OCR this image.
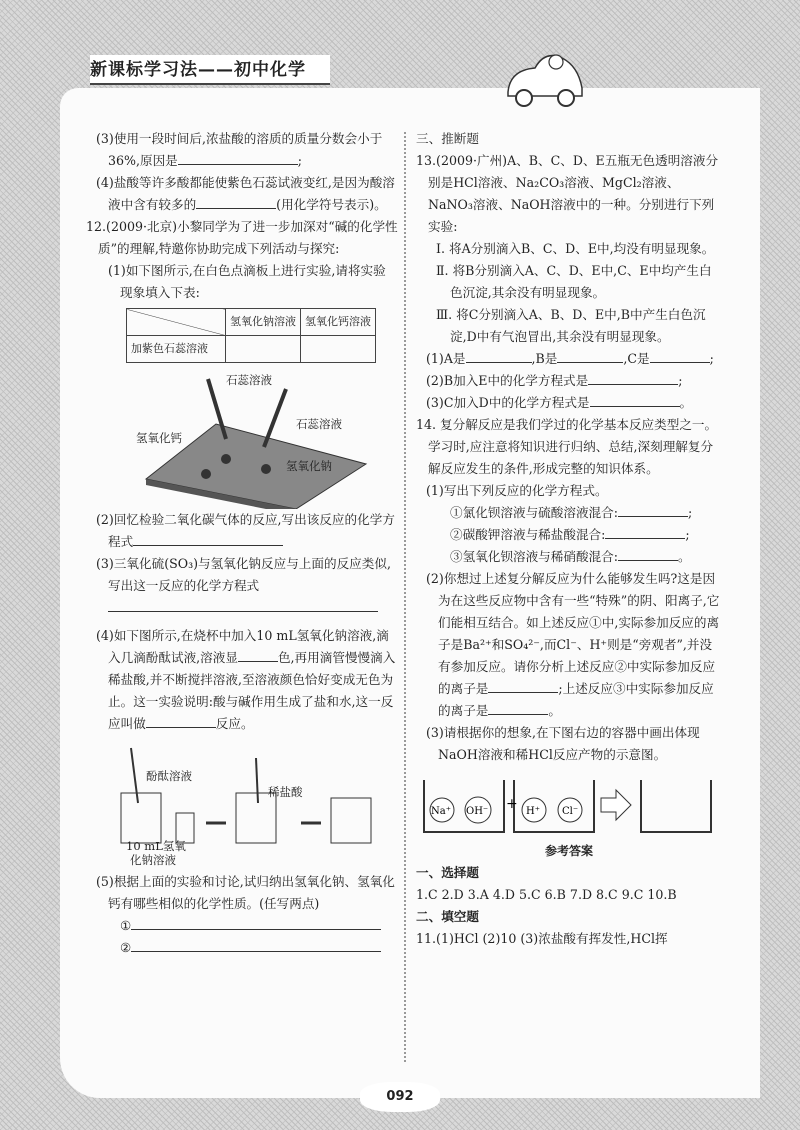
新课标学习法——初中化学

(3)使用一段时间后,浓盐酸的溶质的质量分数会小于36%,原因是	;

(4)盐酸等许多酸都能使紫色石蕊试液变红,是因为酸溶液中含有较多的	(用化学符号表示)。

12.(2009·北京)小黎同学为了进一步加深对“碱的化学性质”的理解,特邀你协助完成下列活动与探究:

(1)如下图所示,在白色点滴板上进行实验,请将实验现象填入下表:

	氢氧化钠溶液	氢氧化钙溶液
加紫色石蕊溶液		
石蕊溶液
石蕊溶液
氢氧化钙
氢氧化钠

(2)回忆检验二氧化碳气体的反应,写出该反应的化学方程式

(3)三氧化硫(SO₃)与氢氧化钠反应与上面的反应类似,写出这一反应的化学方程式

(4)如下图所示,在烧杯中加入10 mL氢氧化钠溶液,滴入几滴酚酞试液,溶液显	色,再用滴管慢慢滴入稀盐酸,并不断搅拌溶液,至溶液颜色恰好变成无色为止。这一实验说明:酸与碱作用生成了盐和水,这一反应叫做	反应。

酚酞溶液
稀盐酸
10 mL氢氧
化钠溶液

(5)根据上面的实验和讨论,试归纳出氢氧化钠、氢氧化钙有哪些相似的化学性质。(任写两点)

①

②

三、推断题

13.(2009·广州)A、B、C、D、E五瓶无色透明溶液分别是HCl溶液、Na₂CO₃溶液、MgCl₂溶液、NaNO₃溶液、NaOH溶液中的一种。分别进行下列实验:

Ⅰ. 将A分别滴入B、C、D、E中,均没有明显现象。

Ⅱ. 将B分别滴入A、C、D、E中,C、E中均产生白色沉淀,其余没有明显现象。

Ⅲ. 将C分别滴入A、B、D、E中,B中产生白色沉淀,D中有气泡冒出,其余没有明显现象。

(1)A是	,B是	,C是	;

(2)B加入E中的化学方程式是	;

(3)C加入D中的化学方程式是	。

14. 复分解反应是我们学过的化学基本反应类型之一。学习时,应注意将知识进行归纳、总结,深刻理解复分解反应发生的条件,形成完整的知识体系。

(1)写出下列反应的化学方程式。

①氯化钡溶液与硫酸溶液混合:	;

②碳酸钾溶液与稀盐酸混合:	;

③氢氧化钡溶液与稀硝酸混合:	。

(2)你想过上述复分解反应为什么能够发生吗?这是因为在这些反应物中含有一些“特殊”的阴、阳离子,它们能相互结合。如上述反应①中,实际参加反应的离子是Ba²⁺和SO₄²⁻,而Cl⁻、H⁺则是“旁观者”,并没有参加反应。请你分析上述反应②中实际参加反应的离子是	;上述反应③中实际参加反应的离子是	。

(3)请根据你的想象,在下图右边的容器中画出体现NaOH溶液和稀HCl反应产物的示意图。

+
Na⁺ OH⁻	H⁺ Cl⁻

参考答案

一、选择题

1.C 2.D 3.A 4.D 5.C 6.B 7.D 8.C 9.C 10.B

二、填空题

11.(1)HCl (2)10 (3)浓盐酸有挥发性,HCl挥

092
